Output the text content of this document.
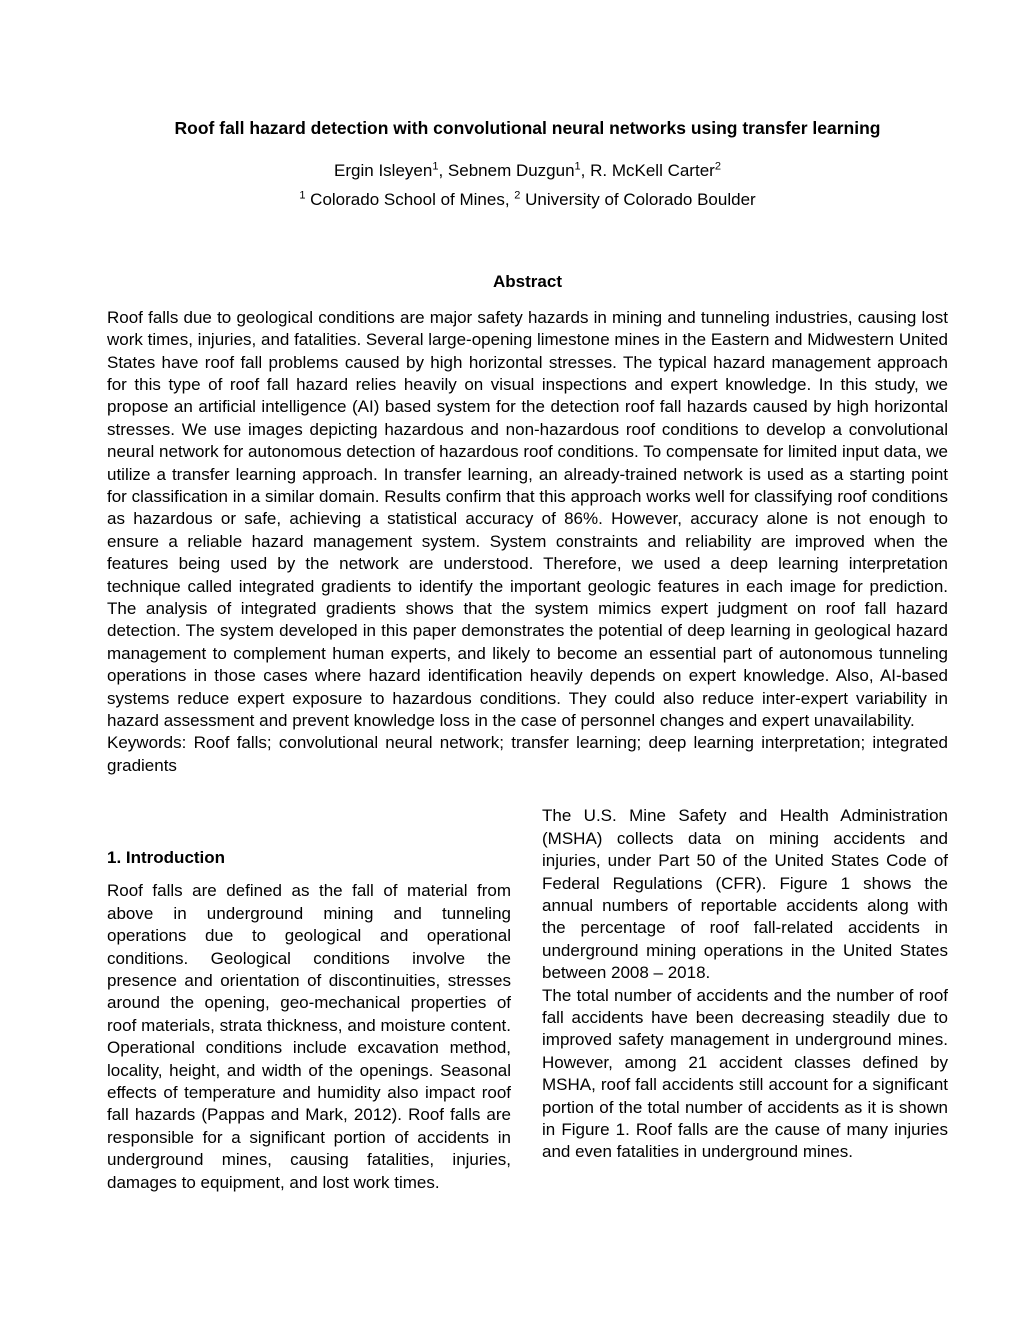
Roof fall hazard detection with convolutional neural networks using transfer learning

Ergin Isleyen$^1$, Sebnem Duzgun$^1$, R. McKell Carter$^2$

$^1$ Colorado School of Mines, $^2$ University of Colorado Boulder

Abstract

Roof falls due to geological conditions are major safety hazards in mining and tunneling industries, causing lost work times, injuries, and fatalities. Several large-opening limestone mines in the Eastern and Midwestern United States have roof fall problems caused by high horizontal stresses. The typical hazard management approach for this type of roof fall hazard relies heavily on visual inspections and expert knowledge. In this study, we propose an artificial intelligence (AI) based system for the detection roof fall hazards caused by high horizontal stresses. We use images depicting hazardous and non-hazardous roof conditions to develop a convolutional neural network for autonomous detection of hazardous roof conditions. To compensate for limited input data, we utilize a transfer learning approach. In transfer learning, an already-trained network is used as a starting point for classification in a similar domain. Results confirm that this approach works well for classifying roof conditions as hazardous or safe, achieving a statistical accuracy of 86%. However, accuracy alone is not enough to ensure a reliable hazard management system. System constraints and reliability are improved when the features being used by the network are understood. Therefore, we used a deep learning interpretation technique called integrated gradients to identify the important geologic features in each image for prediction. The analysis of integrated gradients shows that the system mimics expert judgment on roof fall hazard detection. The system developed in this paper demonstrates the potential of deep learning in geological hazard management to complement human experts, and likely to become an essential part of autonomous tunneling operations in those cases where hazard identification heavily depends on expert knowledge. Also, AI-based systems reduce expert exposure to hazardous conditions. They could also reduce inter-expert variability in hazard assessment and prevent knowledge loss in the case of personnel changes and expert unavailability.

Keywords: Roof falls; convolutional neural network; transfer learning; deep learning interpretation; integrated gradients

1. Introduction

Roof falls are defined as the fall of material from above in underground mining and tunneling operations due to geological and operational conditions. Geological conditions involve the presence and orientation of discontinuities, stresses around the opening, geo-mechanical properties of roof materials, strata thickness, and moisture content. Operational conditions include excavation method, locality, height, and width of the openings. Seasonal effects of temperature and humidity also impact roof fall hazards (Pappas and Mark, 2012). Roof falls are responsible for a significant portion of accidents in underground mines, causing fatalities, injuries, damages to equipment, and lost work times.

The U.S. Mine Safety and Health Administration (MSHA) collects data on mining accidents and injuries, under Part 50 of the United States Code of Federal Regulations (CFR). Figure 1 shows the annual numbers of reportable accidents along with the percentage of roof fall-related accidents in underground mining operations in the United States between 2008 – 2018.

The total number of accidents and the number of roof fall accidents have been decreasing steadily due to improved safety management in underground mines. However, among 21 accident classes defined by MSHA, roof fall accidents still account for a significant portion of the total number of accidents as it is shown in Figure 1. Roof falls are the cause of many injuries and even fatalities in underground mines.
